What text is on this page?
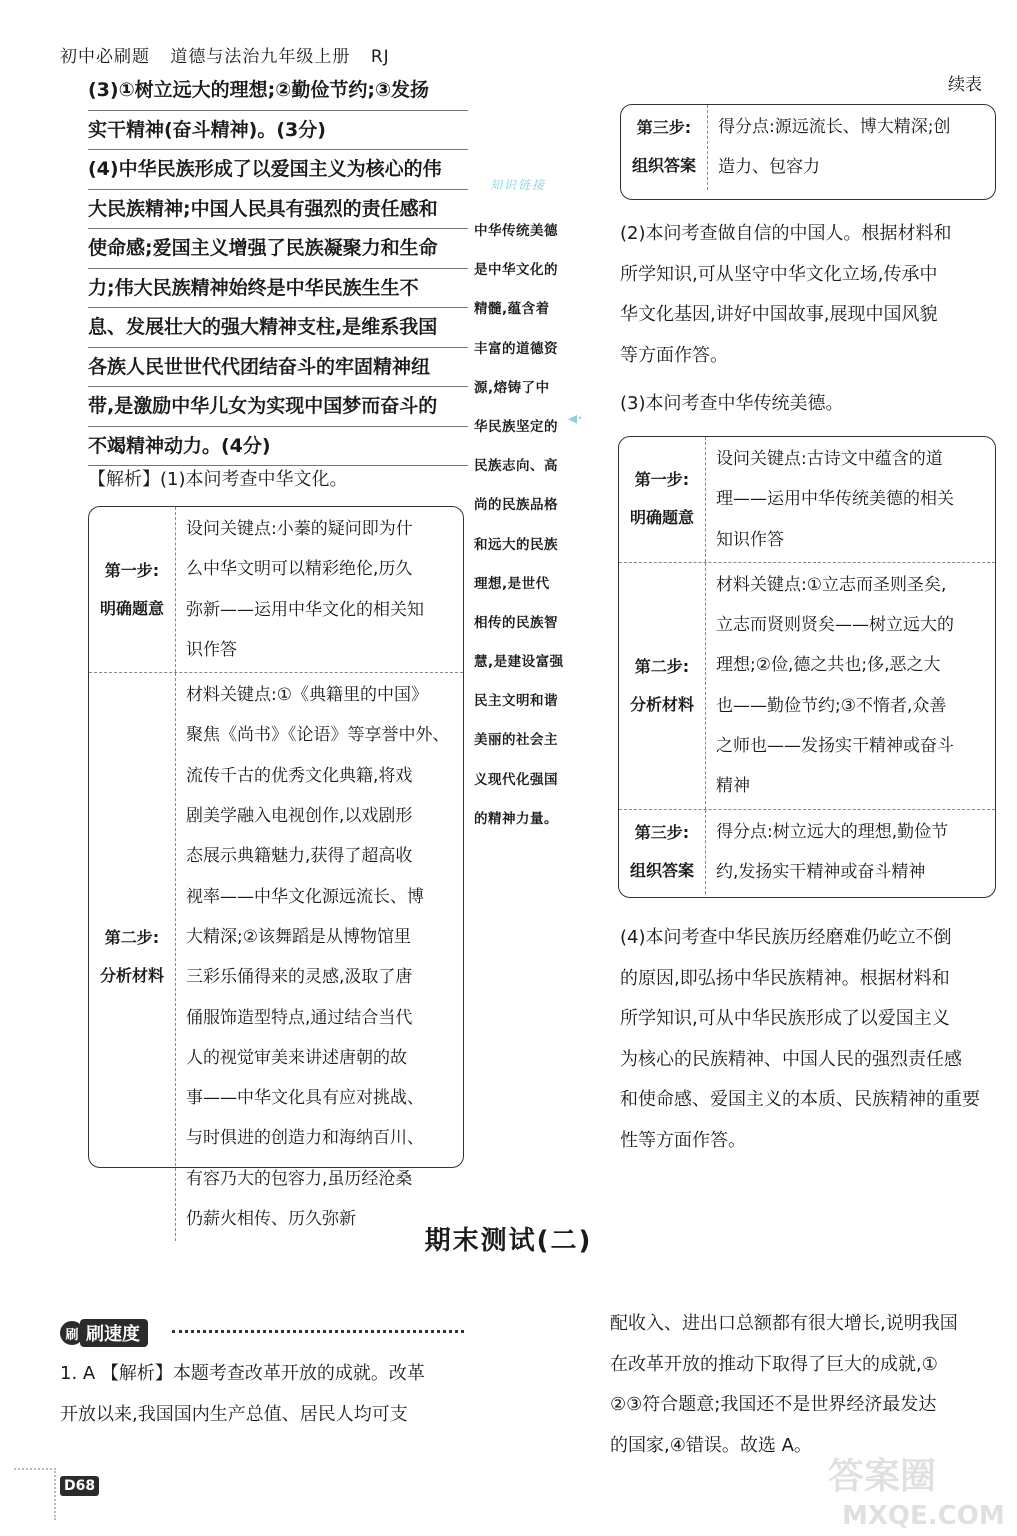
初中必刷题 道德与法治九年级上册 RJ
续表
(3)①树立远大的理想;②勤俭节约;③发扬
实干精神(奋斗精神)。(3分)
(4)中华民族形成了以爱国主义为核心的伟
大民族精神;中国人民具有强烈的责任感和
使命感;爱国主义增强了民族凝聚力和生命
力;伟大民族精神始终是中华民族生生不
息、发展壮大的强大精神支柱,是维系我国
各族人民世世代代团结奋斗的牢固精神纽
带,是激励中华儿女为实现中国梦而奋斗的
不竭精神动力。(4分)
【解析】(1)本问考查中华文化。
第一步:
明确题意
设问关键点:小蓁的疑问即为什
么中华文明可以精彩绝伦,历久
弥新——运用中华文化的相关知
识作答
第二步:
分析材料
材料关键点:①《典籍里的中国》
聚焦《尚书》《论语》等享誉中外、
流传千古的优秀文化典籍,将戏
剧美学融入电视创作,以戏剧形
态展示典籍魅力,获得了超高收
视率——中华文化源远流长、博
大精深;②该舞蹈是从博物馆里
三彩乐俑得来的灵感,汲取了唐
俑服饰造型特点,通过结合当代
人的视觉审美来讲述唐朝的故
事——中华文化具有应对挑战、
与时俱进的创造力和海纳百川、
有容乃大的包容力,虽历经沧桑
仍薪火相传、历久弥新
知识链接
中华传统美德
是中华文化的
精髓,蕴含着
丰富的道德资
源,熔铸了中
华民族坚定的
民族志向、高
尚的民族品格
和远大的民族
理想,是世代
相传的民族智
慧,是建设富强
民主文明和谐
美丽的社会主
义现代化强国
的精神力量。
◂·
第三步:
组织答案
得分点:源远流长、博大精深;创
造力、包容力
(2)本问考查做自信的中国人。根据材料和
所学知识,可从坚守中华文化立场,传承中
华文化基因,讲好中国故事,展现中国风貌
等方面作答。
(3)本问考查中华传统美德。
第一步:
明确题意
设问关键点:古诗文中蕴含的道
理——运用中华传统美德的相关
知识作答
第二步:
分析材料
材料关键点:①立志而圣则圣矣,
立志而贤则贤矣——树立远大的
理想;②俭,德之共也;侈,恶之大
也——勤俭节约;③不惰者,众善
之师也——发扬实干精神或奋斗
精神
第三步:
组织答案
得分点:树立远大的理想,勤俭节
约,发扬实干精神或奋斗精神
(4)本问考查中华民族历经磨难仍屹立不倒
的原因,即弘扬中华民族精神。根据材料和
所学知识,可从中华民族形成了以爱国主义
为核心的民族精神、中国人民的强烈责任感
和使命感、爱国主义的本质、民族精神的重要
性等方面作答。
期末测试(二)
刷 刷速度
1. A 【解析】本题考查改革开放的成就。改革
开放以来,我国国内生产总值、居民人均可支
配收入、进出口总额都有很大增长,说明我国
在改革开放的推动下取得了巨大的成就,①
②③符合题意;我国还不是世界经济最发达
的国家,④错误。故选 A。
D68	答案圈
MXQE.COM
